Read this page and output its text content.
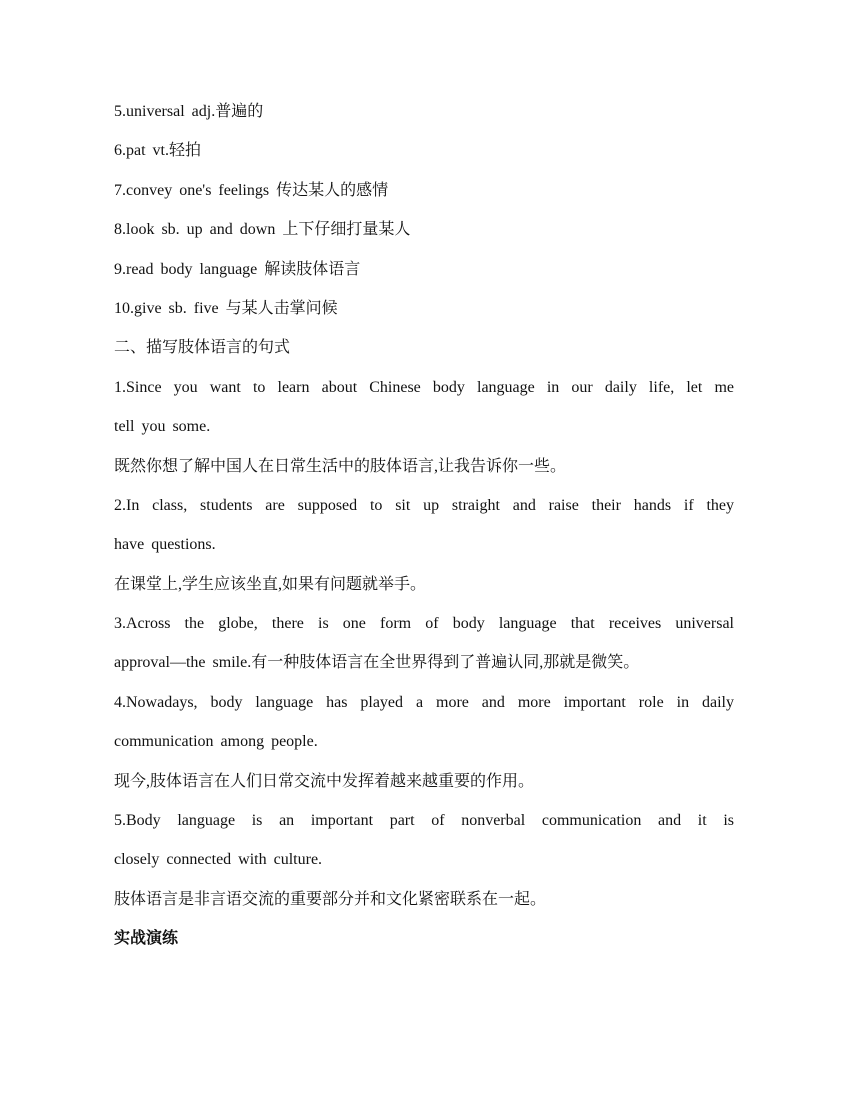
5.universal adj.普遍的
6.pat vt.轻拍
7.convey one's feelings 传达某人的感情
8.look sb. up and down 上下仔细打量某人
9.read body language 解读肢体语言
10.give sb. five 与某人击掌问候
二、描写肢体语言的句式
1.Since you want to learn about Chinese body language in our daily life, let me
tell you some.
既然你想了解中国人在日常生活中的肢体语言,让我告诉你一些。
2.In class, students are supposed to sit up straight and raise their hands if they
have questions.
在课堂上,学生应该坐直,如果有问题就举手。
3.Across the globe, there is one form of body language that receives universal
approval—the smile.有一种肢体语言在全世界得到了普遍认同,那就是微笑。
4.Nowadays, body language has played a more and more important role in daily
communication among people.
现今,肢体语言在人们日常交流中发挥着越来越重要的作用。
5.Body language is an important part of nonverbal communication and it is
closely connected with culture.
肢体语言是非言语交流的重要部分并和文化紧密联系在一起。
实战演练
